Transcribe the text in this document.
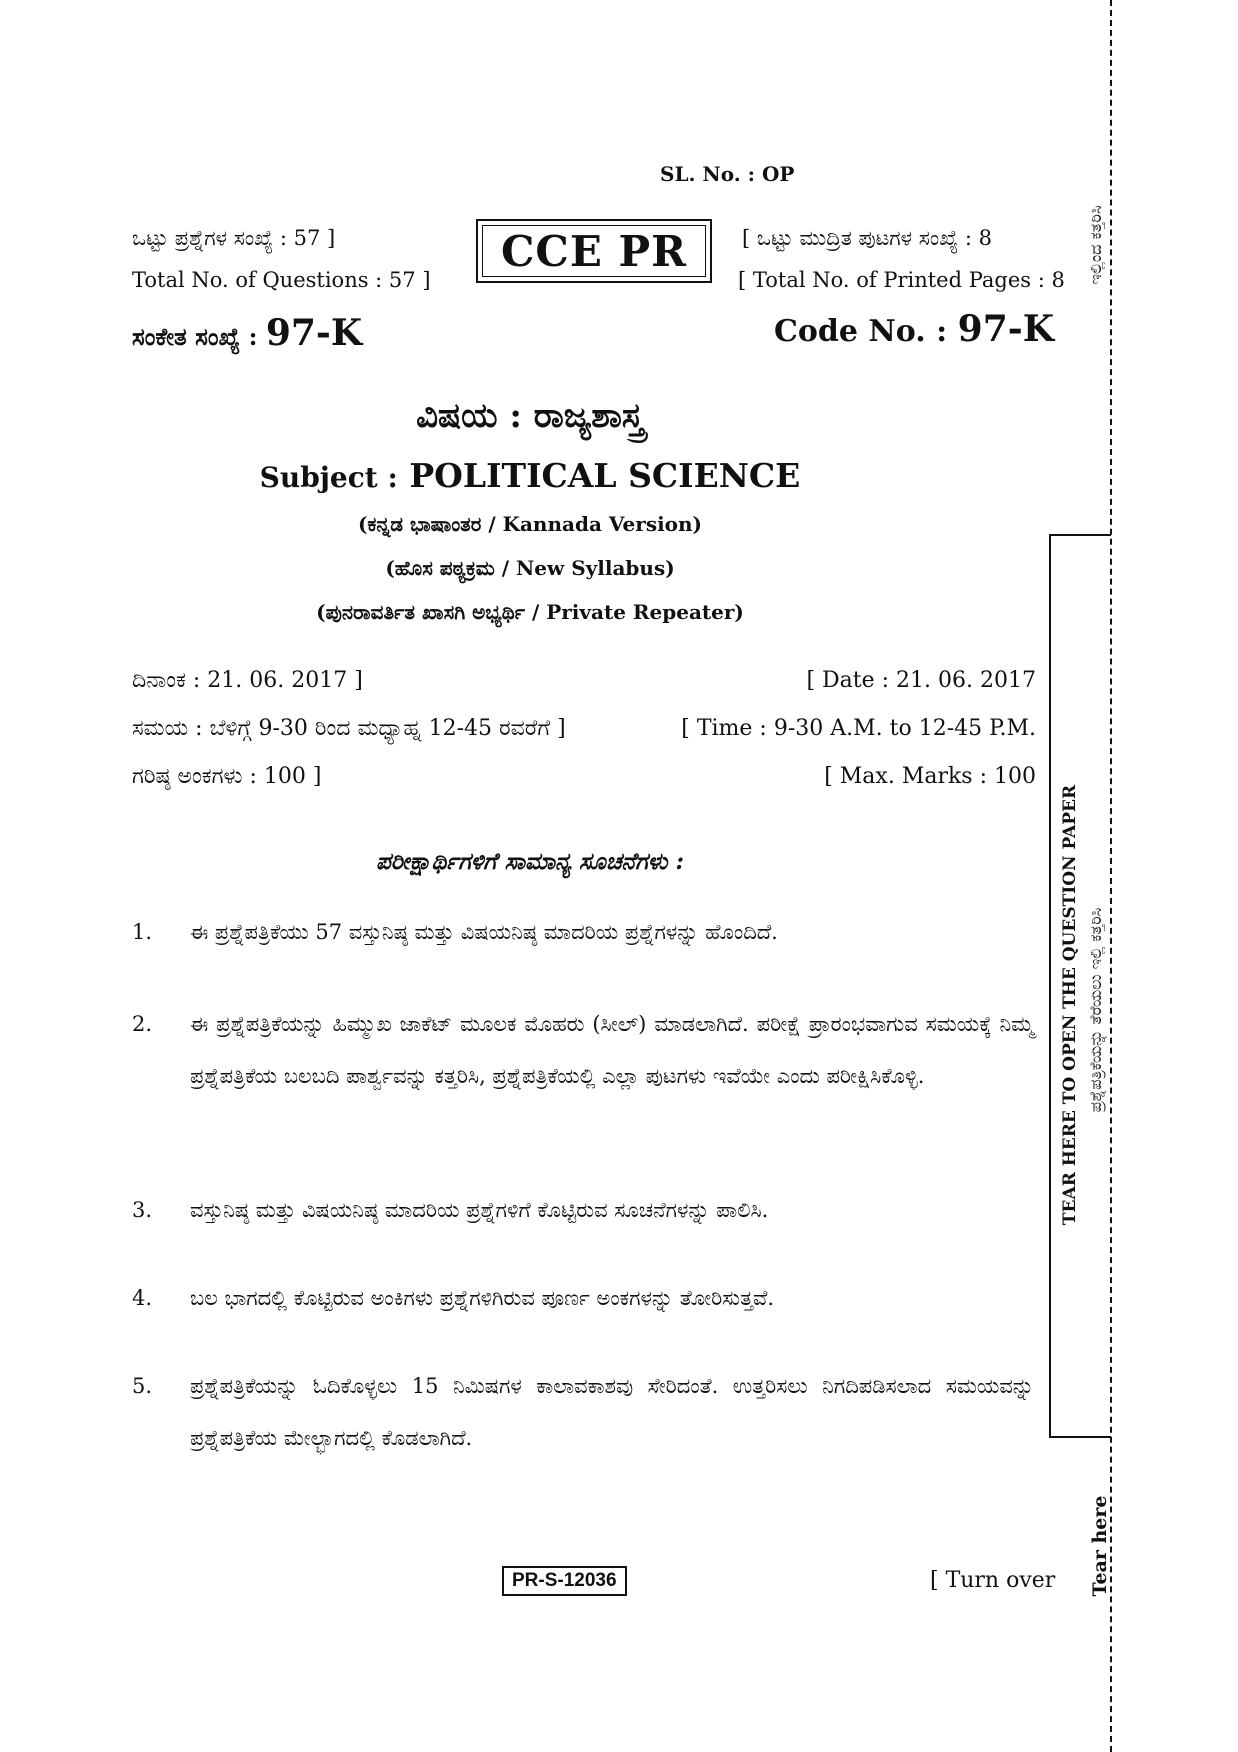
SL. No. : OP
ಒಟ್ಟು ಪ್ರಶ್ನೆಗಳ ಸಂಖ್ಯೆ : 57 ]
Total No. of Questions : 57 ]
CCE PR	[ ಒಟ್ಟು ಮುದ್ರಿತ ಪುಟಗಳ ಸಂಖ್ಯೆ : 8
[ Total No. of Printed Pages : 8
ಸಂಕೇತ ಸಂಖ್ಯೆ : 97-K	Code No. : 97-K
ವಿಷಯ : ರಾಜ್ಯಶಾಸ್ತ್ರ
Subject : POLITICAL SCIENCE
(ಕನ್ನಡ ಭಾಷಾಂತರ / Kannada Version)
(ಹೊಸ ಪಠ್ಯಕ್ರಮ / New Syllabus)
(ಪುನರಾವರ್ತಿತ ಖಾಸಗಿ ಅಭ್ಯರ್ಥಿ / Private Repeater)
ದಿನಾಂಕ : 21. 06. 2017 ]	[ Date : 21. 06. 2017
ಸಮಯ : ಬೆಳಿಗ್ಗೆ 9-30 ರಿಂದ ಮಧ್ಯಾಹ್ನ 12-45 ರವರೆಗೆ ]	[ Time : 9-30 A.M. to 12-45 P.M.
ಗರಿಷ್ಠ ಅಂಕಗಳು : 100 ]	[ Max. Marks : 100
ಪರೀಕ್ಷಾರ್ಥಿಗಳಿಗೆ ಸಾಮಾನ್ಯ ಸೂಚನೆಗಳು :
1. ಈ ಪ್ರಶ್ನೆಪತ್ರಿಕೆಯು 57 ವಸ್ತುನಿಷ್ಠ ಮತ್ತು ವಿಷಯನಿಷ್ಠ ಮಾದರಿಯ ಪ್ರಶ್ನೆಗಳನ್ನು ಹೊಂದಿದೆ.
2. ಈ ಪ್ರಶ್ನೆಪತ್ರಿಕೆಯನ್ನು ಹಿಮ್ಮುಖ ಜಾಕೆಟ್ ಮೂಲಕ ಮೊಹರು (ಸೀಲ್) ಮಾಡಲಾಗಿದೆ. ಪರೀಕ್ಷೆ ಪ್ರಾರಂಭವಾಗುವ ಸಮಯಕ್ಕೆ ನಿಮ್ಮ ಪ್ರಶ್ನೆಪತ್ರಿಕೆಯ ಬಲಬದಿ ಪಾರ್ಶ್ವವನ್ನು ಕತ್ತರಿಸಿ, ಪ್ರಶ್ನೆಪತ್ರಿಕೆಯಲ್ಲಿ ಎಲ್ಲಾ ಪುಟಗಳು ಇವೆಯೇ ಎಂದು ಪರೀಕ್ಷಿಸಿಕೊಳ್ಳಿ.
3. ವಸ್ತುನಿಷ್ಠ ಮತ್ತು ವಿಷಯನಿಷ್ಠ ಮಾದರಿಯ ಪ್ರಶ್ನೆಗಳಿಗೆ ಕೊಟ್ಟಿರುವ ಸೂಚನೆಗಳನ್ನು ಪಾಲಿಸಿ.
4. ಬಲ ಭಾಗದಲ್ಲಿ ಕೊಟ್ಟಿರುವ ಅಂಕಿಗಳು ಪ್ರಶ್ನೆಗಳಿಗಿರುವ ಪೂರ್ಣ ಅಂಕಗಳನ್ನು ತೋರಿಸುತ್ತವೆ.
5. ಪ್ರಶ್ನೆಪತ್ರಿಕೆಯನ್ನು ಓದಿಕೊಳ್ಳಲು 15 ನಿಮಿಷಗಳ ಕಾಲಾವಕಾಶವು ಸೇರಿದಂತೆ. ಉತ್ತರಿಸಲು ನಿಗದಿಪಡಿಸಲಾದ ಸಮಯವನ್ನು ಪ್ರಶ್ನೆಪತ್ರಿಕೆಯ ಮೇಲ್ಭಾಗದಲ್ಲಿ ಕೊಡಲಾಗಿದೆ.
PR-S-12036	[ Turn over
TEAR HERE TO OPEN THE QUESTION PAPER ಪ್ರಶ್ನೆಪತ್ರಿಕೆಯನ್ನು ತೆರೆಯಲು ಇಲ್ಲಿ ಕತ್ತರಿಸಿ
ಇಲ್ಲಿಂದ ಕತ್ತರಿಸಿ
Tear here
